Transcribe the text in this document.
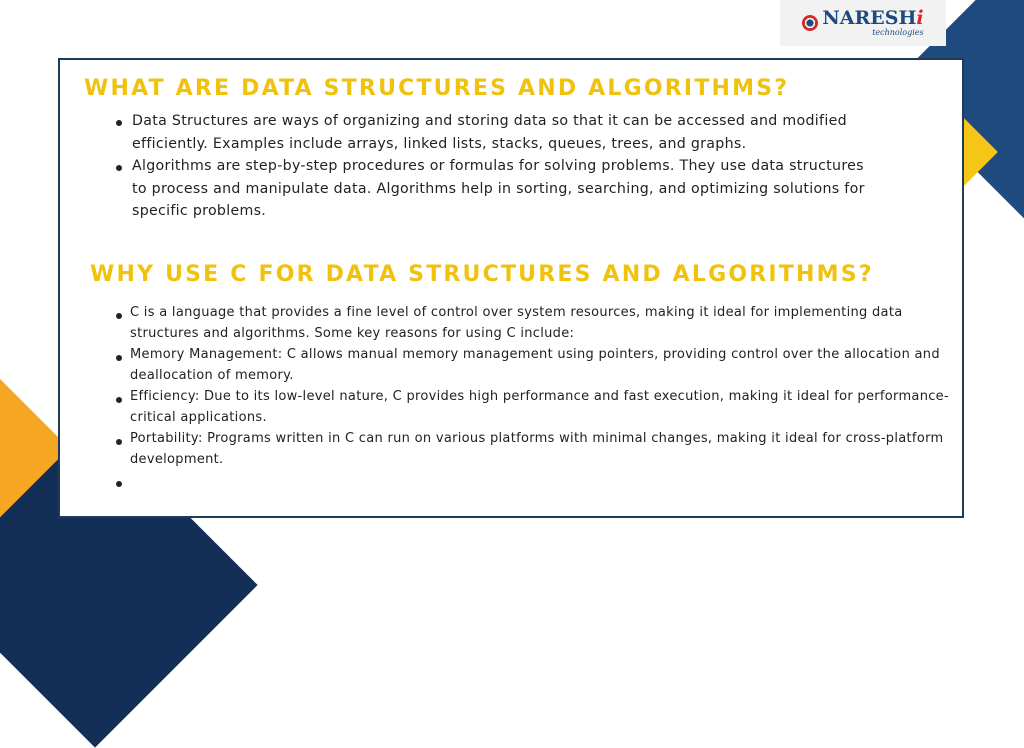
NARESHi
technologies
WHAT ARE DATA STRUCTURES AND ALGORITHMS?
Data Structures are ways of organizing and storing data so that it can be accessed and modified efficiently. Examples include arrays, linked lists, stacks, queues, trees, and graphs.
Algorithms are step-by-step procedures or formulas for solving problems. They use data structures to process and manipulate data. Algorithms help in sorting, searching, and optimizing solutions for specific problems.
WHY USE C FOR DATA STRUCTURES AND ALGORITHMS?
C is a language that provides a fine level of control over system resources, making it ideal for implementing data structures and algorithms. Some key reasons for using C include:
Memory Management: C allows manual memory management using pointers, providing control over the allocation and deallocation of memory.
Efficiency: Due to its low-level nature, C provides high performance and fast execution, making it ideal for performance-critical applications.
Portability: Programs written in C can run on various platforms with minimal changes, making it ideal for cross-platform development.
